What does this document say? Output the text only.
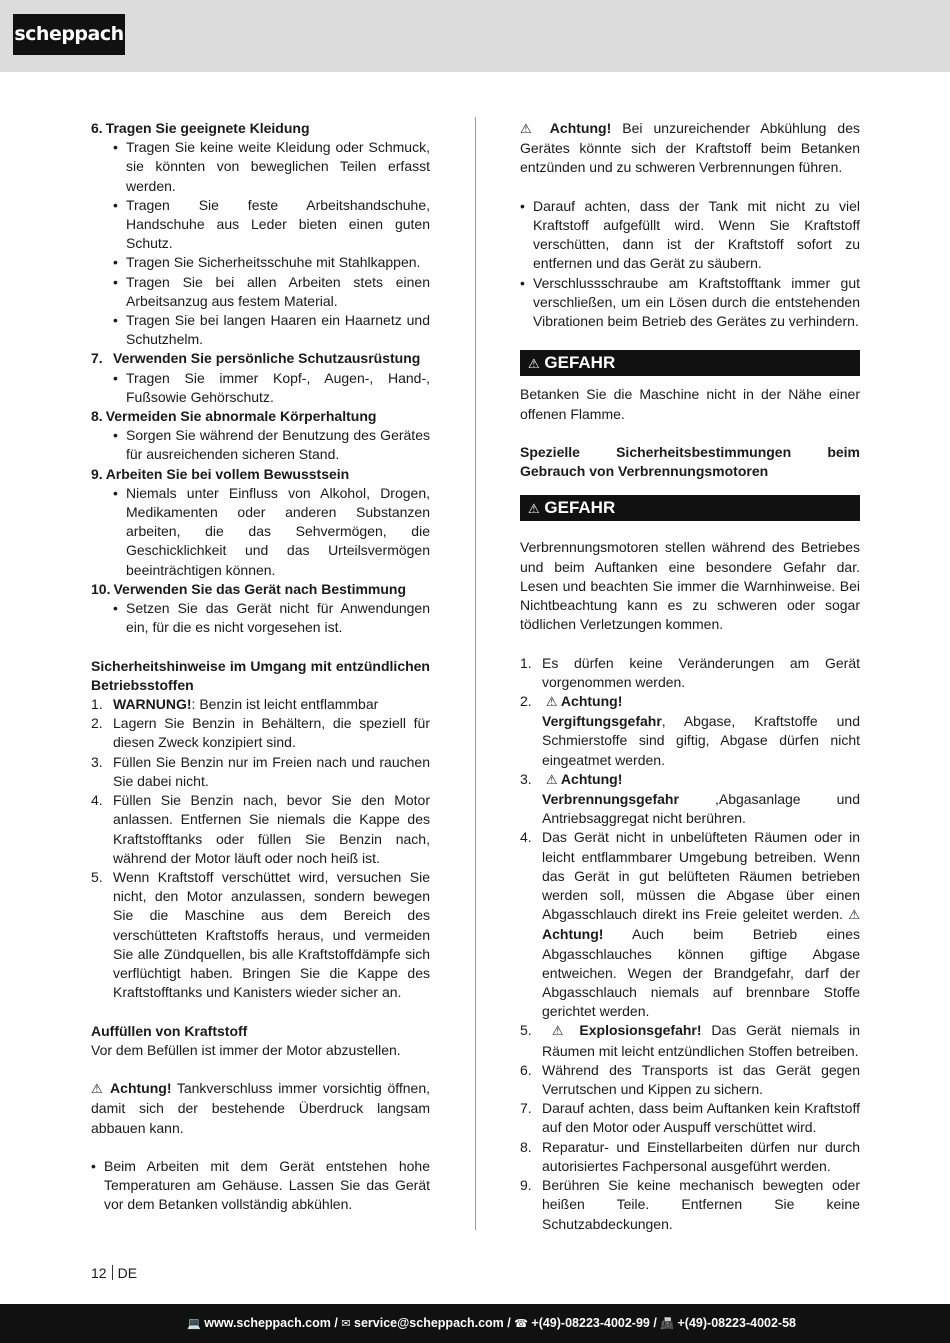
scheppach
6. Tragen Sie geeignete Kleidung
• Tragen Sie keine weite Kleidung oder Schmuck, sie könnten von beweglichen Teilen erfasst werden.
• Tragen Sie feste Arbeitshandschuhe, Handschuhe aus Leder bieten einen guten Schutz.
• Tragen Sie Sicherheitsschuhe mit Stahlkappen.
• Tragen Sie bei allen Arbeiten stets einen Arbeitsanzug aus festem Material.
• Tragen Sie bei langen Haaren ein Haarnetz und Schutzhelm.
7. Verwenden Sie persönliche Schutzausrüstung
• Tragen Sie immer Kopf-, Augen-, Hand-, Fußsowie Gehörschutz.
8. Vermeiden Sie abnormale Körperhaltung
• Sorgen Sie während der Benutzung des Gerätes für ausreichenden sicheren Stand.
9. Arbeiten Sie bei vollem Bewusstsein
• Niemals unter Einfluss von Alkohol, Drogen, Medikamenten oder anderen Substanzen arbeiten, die das Sehvermögen, die Geschicklichkeit und das Urteilsvermögen beeinträchtigen können.
10. Verwenden Sie das Gerät nach Bestimmung
• Setzen Sie das Gerät nicht für Anwendungen ein, für die es nicht vorgesehen ist.
Sicherheitshinweise im Umgang mit entzündlichen Betriebsstoffen
1. WARNUNG!: Benzin ist leicht entflammbar
2. Lagern Sie Benzin in Behältern, die speziell für diesen Zweck konzipiert sind.
3. Füllen Sie Benzin nur im Freien nach und rauchen Sie dabei nicht.
4. Füllen Sie Benzin nach, bevor Sie den Motor anlassen. Entfernen Sie niemals die Kappe des Kraftstofftanks oder füllen Sie Benzin nach, während der Motor läuft oder noch heiß ist.
5. Wenn Kraftstoff verschüttet wird, versuchen Sie nicht, den Motor anzulassen, sondern bewegen Sie die Maschine aus dem Bereich des verschütteten Kraftstoffs heraus, und vermeiden Sie alle Zündquellen, bis alle Kraftstoffdämpfe sich verflüchtigt haben. Bringen Sie die Kappe des Kraftstofftanks und Kanisters wieder sicher an.
Auffüllen von Kraftstoff
Vor dem Befüllen ist immer der Motor abzustellen.
⚠ Achtung! Tankverschluss immer vorsichtig öffnen, damit sich der bestehende Überdruck langsam abbauen kann.
• Beim Arbeiten mit dem Gerät entstehen hohe Temperaturen am Gehäuse. Lassen Sie das Gerät vor dem Betanken vollständig abkühlen.
⚠ Achtung! Bei unzureichender Abkühlung des Gerätes könnte sich der Kraftstoff beim Betanken entzünden und zu schweren Verbrennungen führen.
• Darauf achten, dass der Tank mit nicht zu viel Kraftstoff aufgefüllt wird. Wenn Sie Kraftstoff verschütten, dann ist der Kraftstoff sofort zu entfernen und das Gerät zu säubern.
• Verschlussschraube am Kraftstofftank immer gut verschließen, um ein Lösen durch die entstehenden Vibrationen beim Betrieb des Gerätes zu verhindern.
⚠ GEFAHR
Betanken Sie die Maschine nicht in der Nähe einer offenen Flamme.
Spezielle Sicherheitsbestimmungen beim Gebrauch von Verbrennungsmotoren
⚠ GEFAHR
Verbrennungsmotoren stellen während des Betriebes und beim Auftanken eine besondere Gefahr dar. Lesen und beachten Sie immer die Warnhinweise. Bei Nichtbeachtung kann es zu schweren oder sogar tödlichen Verletzungen kommen.
1. Es dürfen keine Veränderungen am Gerät vorgenommen werden.
2.	⚠ Achtung!
Vergiftungsgefahr, Abgase, Kraftstoffe und Schmierstoffe sind giftig, Abgase dürfen nicht eingeatmet werden.
3.	⚠ Achtung!
Verbrennungsgefahr ,Abgasanlage und Antriebsaggregat nicht berühren.
4. Das Gerät nicht in unbelüfteten Räumen oder in leicht entflammbarer Umgebung betreiben. Wenn das Gerät in gut belüfteten Räumen betrieben werden soll, müssen die Abgase über einen Abgasschlauch direkt ins Freie geleitet werden. ⚠ Achtung! Auch beim Betrieb eines Abgasschlauches können giftige Abgase entweichen. Wegen der Brandgefahr, darf der Abgasschlauch niemals auf brennbare Stoffe gerichtet werden.
5.	⚠ Explosionsgefahr! Das Gerät niemals in Räumen mit leicht entzündlichen Stoffen betreiben.
6. Während des Transports ist das Gerät gegen Verrutschen und Kippen zu sichern.
7. Darauf achten, dass beim Auftanken kein Kraftstoff auf den Motor oder Auspuff verschüttet wird.
8. Reparatur- und Einstellarbeiten dürfen nur durch autorisiertes Fachpersonal ausgeführt werden.
9. Berühren Sie keine mechanisch bewegten oder heißen Teile. Entfernen Sie keine Schutzabdeckungen.
12 DE
💻 www.scheppach.com / ✉ service@scheppach.com / ☎ +(49)-08223-4002-99 / 📠 +(49)-08223-4002-58
